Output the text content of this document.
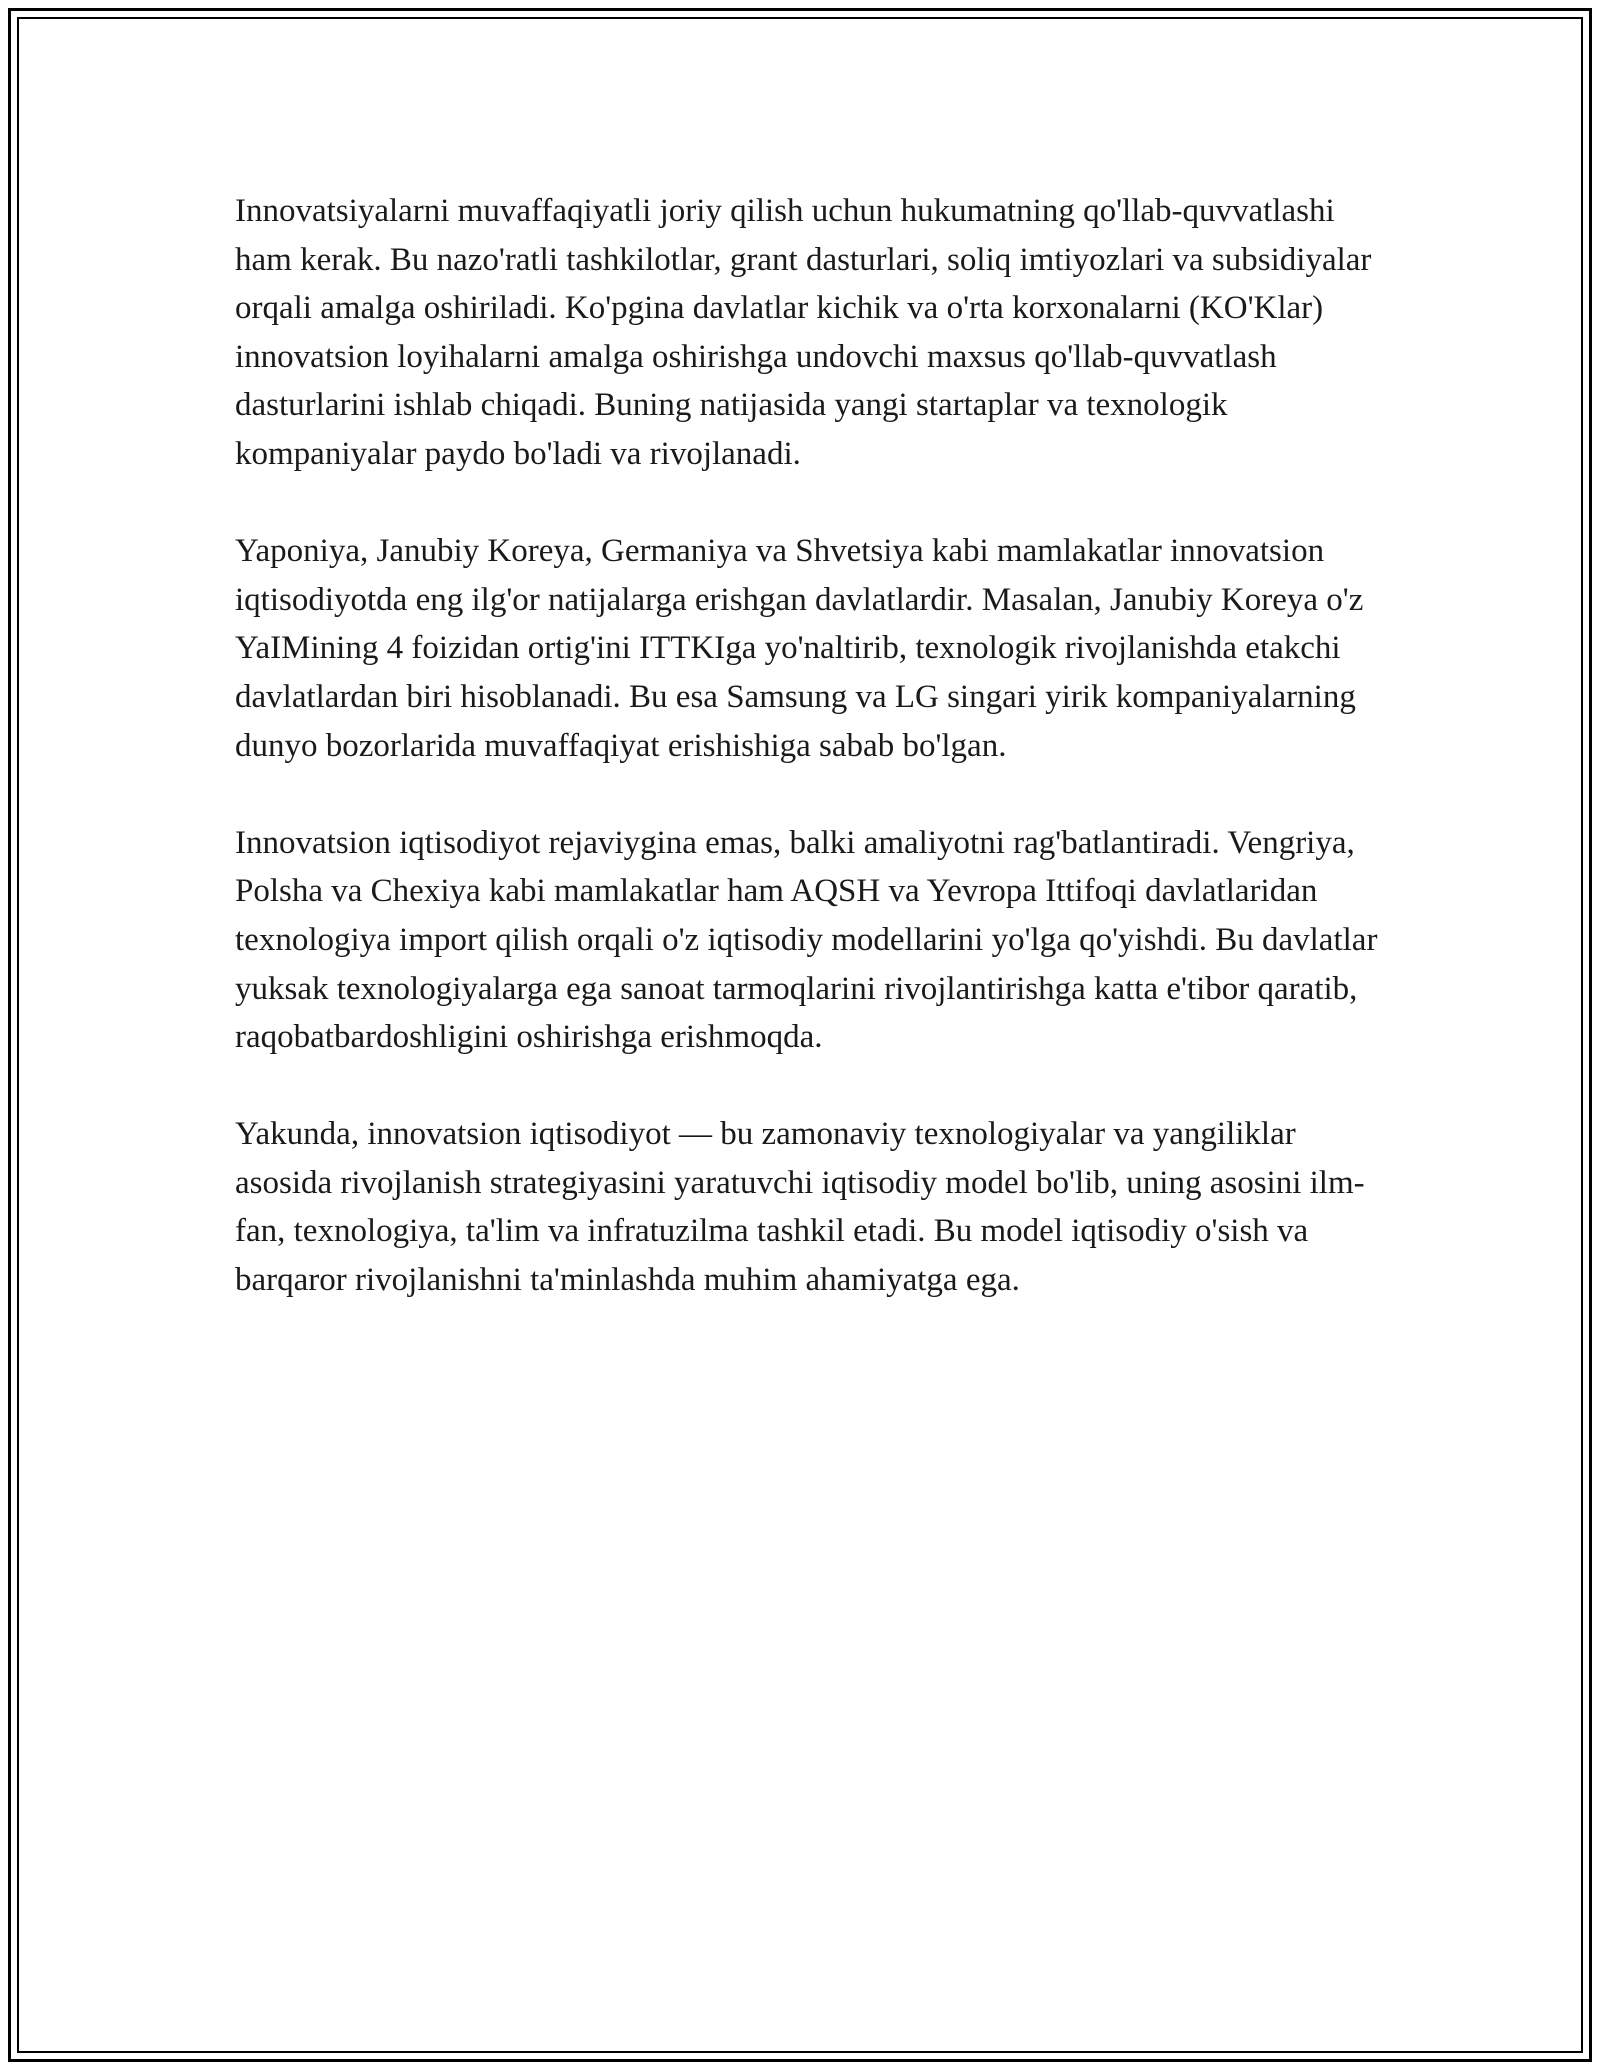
Innovatsiyalarni muvaffaqiyatli joriy qilish uchun hukumatning qo'llab-quvvatlashi ham kerak. Bu nazo'ratli tashkilotlar, grant dasturlari, soliq imtiyozlari va subsidiyalar orqali amalga oshiriladi. Ko'pgina davlatlar kichik va o'rta korxonalarni (KO'Klar) innovatsion loyihalarni amalga oshirishga undovchi maxsus qo'llab-quvvatlash dasturlarini ishlab chiqadi. Buning natijasida yangi startaplar va texnologik kompaniyalar paydo bo'ladi va rivojlanadi.

Yaponiya, Janubiy Koreya, Germaniya va Shvetsiya kabi mamlakatlar innovatsion iqtisodiyotda eng ilg'or natijalarga erishgan davlatlardir. Masalan, Janubiy Koreya o'z YaIMining 4 foizidan ortig'ini ITTKIga yo'naltirib, texnologik rivojlanishda etakchi davlatlardan biri hisoblanadi. Bu esa Samsung va LG singari yirik kompaniyalarning dunyo bozorlarida muvaffaqiyat erishishiga sabab bo'lgan.

Innovatsion iqtisodiyot rejaviygina emas, balki amaliyotni rag'batlantiradi. Vengriya, Polsha va Chexiya kabi mamlakatlar ham AQSH va Yevropa Ittifoqi davlatlaridan texnologiya import qilish orqali o'z iqtisodiy modellarini yo'lga qo'yishdi. Bu davlatlar yuksak texnologiyalarga ega sanoat tarmoqlarini rivojlantirishga katta e'tibor qaratib, raqobatbardoshligini oshirishga erishmoqda.

Yakunda, innovatsion iqtisodiyot — bu zamonaviy texnologiyalar va yangiliklar asosida rivojlanish strategiyasini yaratuvchi iqtisodiy model bo'lib, uning asosini ilm-fan, texnologiya, ta'lim va infratuzilma tashkil etadi. Bu model iqtisodiy o'sish va barqaror rivojlanishni ta'minlashda muhim ahamiyatga ega.
